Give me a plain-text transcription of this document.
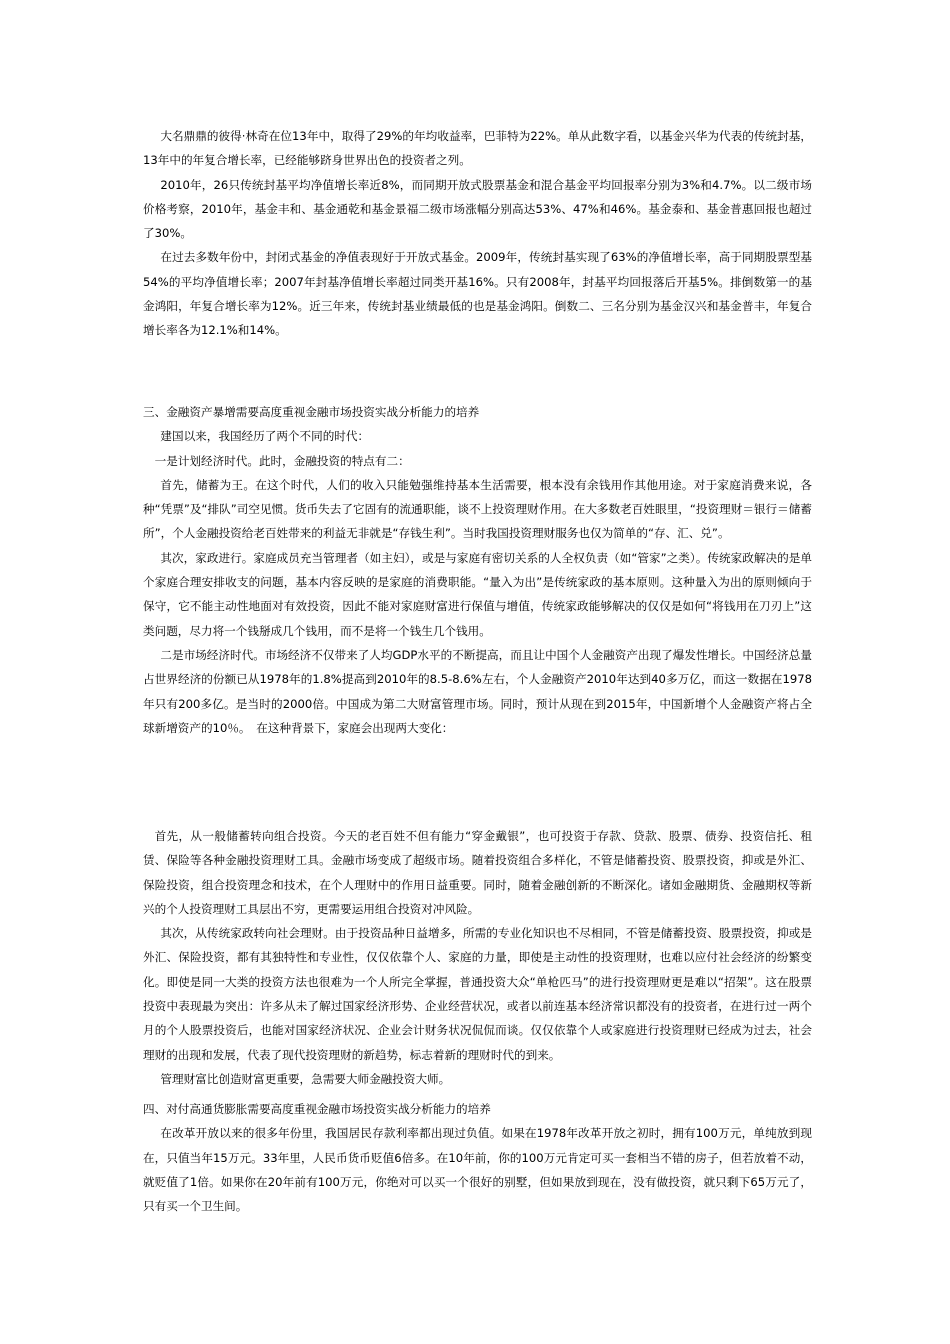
大名鼎鼎的彼得·林奇在位13年中，取得了29%的年均收益率，巴菲特为22%。单从此数字看，以基金兴华为代表的传统封基，13年中的年复合增长率，已经能够跻身世界出色的投资者之列。

2010年，26只传统封基平均净值增长率近8%，而同期开放式股票基金和混合基金平均回报率分别为3%和4.7%。以二级市场价格考察，2010年，基金丰和、基金通乾和基金景福二级市场涨幅分别高达53%、47%和46%。基金泰和、基金普惠回报也超过了30%。

在过去多数年份中，封闭式基金的净值表现好于开放式基金。2009年，传统封基实现了63%的净值增长率，高于同期股票型基54%的平均净值增长率；2007年封基净值增长率超过同类开基16%。只有2008年，封基平均回报落后开基5%。排倒数第一的基金鸿阳，年复合增长率为12%。近三年来，传统封基业绩最低的也是基金鸿阳。倒数二、三名分别为基金汉兴和基金普丰，年复合增长率各为12.1%和14%。

三、金融资产暴增需要高度重视金融市场投资实战分析能力的培养

建国以来，我国经历了两个不同的时代：

一是计划经济时代。此时，金融投资的特点有二：

首先，储蓄为王。在这个时代，人们的收入只能勉强维持基本生活需要，根本没有余钱用作其他用途。对于家庭消费来说，各种“凭票”及“排队”司空见惯。货币失去了它固有的流通职能，谈不上投资理财作用。在大多数老百姓眼里，“投资理财＝银行＝储蓄所”，个人金融投资给老百姓带来的利益无非就是“存钱生利”。当时我国投资理财服务也仅为简单的“存、汇、兑”。

其次，家政进行。家庭成员充当管理者（如主妇），或是与家庭有密切关系的人全权负责（如“管家”之类）。传统家政解决的是单个家庭合理安排收支的问题，基本内容反映的是家庭的消费职能。“量入为出”是传统家政的基本原则。这种量入为出的原则倾向于保守，它不能主动性地面对有效投资，因此不能对家庭财富进行保值与增值，传统家政能够解决的仅仅是如何“将钱用在刀刃上”这类问题，尽力将一个钱掰成几个钱用，而不是将一个钱生几个钱用。

二是市场经济时代。市场经济不仅带来了人均GDP水平的不断提高，而且让中国个人金融资产出现了爆发性增长。中国经济总量占世界经济的份额已从1978年的1.8%提高到2010年的8.5-8.6%左右，个人金融资产2010年达到40多万亿，而这一数据在1978年只有200多亿。是当时的2000倍。中国成为第二大财富管理市场。同时，预计从现在到2015年，中国新增个人金融资产将占全球新增资产的10％。　在这种背景下，家庭会出现两大变化：

首先，从一般储蓄转向组合投资。今天的老百姓不但有能力“穿金戴银”，也可投资于存款、贷款、股票、债券、投资信托、租赁、保险等各种金融投资理财工具。金融市场变成了超级市场。随着投资组合多样化，不管是储蓄投资、股票投资，抑或是外汇、保险投资，组合投资理念和技术，在个人理财中的作用日益重要。同时，随着金融创新的不断深化。诸如金融期货、金融期权等新兴的个人投资理财工具层出不穷，更需要运用组合投资对冲风险。

其次，从传统家政转向社会理财。由于投资品种日益增多，所需的专业化知识也不尽相同，不管是储蓄投资、股票投资，抑或是外汇、保险投资，都有其独特性和专业性，仅仅依靠个人、家庭的力量，即使是主动性的投资理财，也难以应付社会经济的纷繁变化。即使是同一大类的投资方法也很难为一个人所完全掌握，普通投资大众“单枪匹马”的进行投资理财更是难以“招架”。这在股票投资中表现最为突出：许多从未了解过国家经济形势、企业经营状况，或者以前连基本经济常识都没有的投资者，在进行过一两个月的个人股票投资后，也能对国家经济状况、企业会计财务状况侃侃而谈。仅仅依靠个人或家庭进行投资理财已经成为过去，社会理财的出现和发展，代表了现代投资理财的新趋势，标志着新的理财时代的到来。

管理财富比创造财富更重要，急需要大师金融投资大师。

四、对付高通货膨胀需要高度重视金融市场投资实战分析能力的培养

在改革开放以来的很多年份里，我国居民存款利率都出现过负值。如果在1978年改革开放之初时，拥有100万元，单纯放到现在，只值当年15万元。33年里，人民币货币贬值6倍多。在10年前，你的100万元肯定可买一套相当不错的房子，但若放着不动，就贬值了1倍。如果你在20年前有100万元，你绝对可以买一个很好的别墅，但如果放到现在，没有做投资，就只剩下65万元了，只有买一个卫生间。
